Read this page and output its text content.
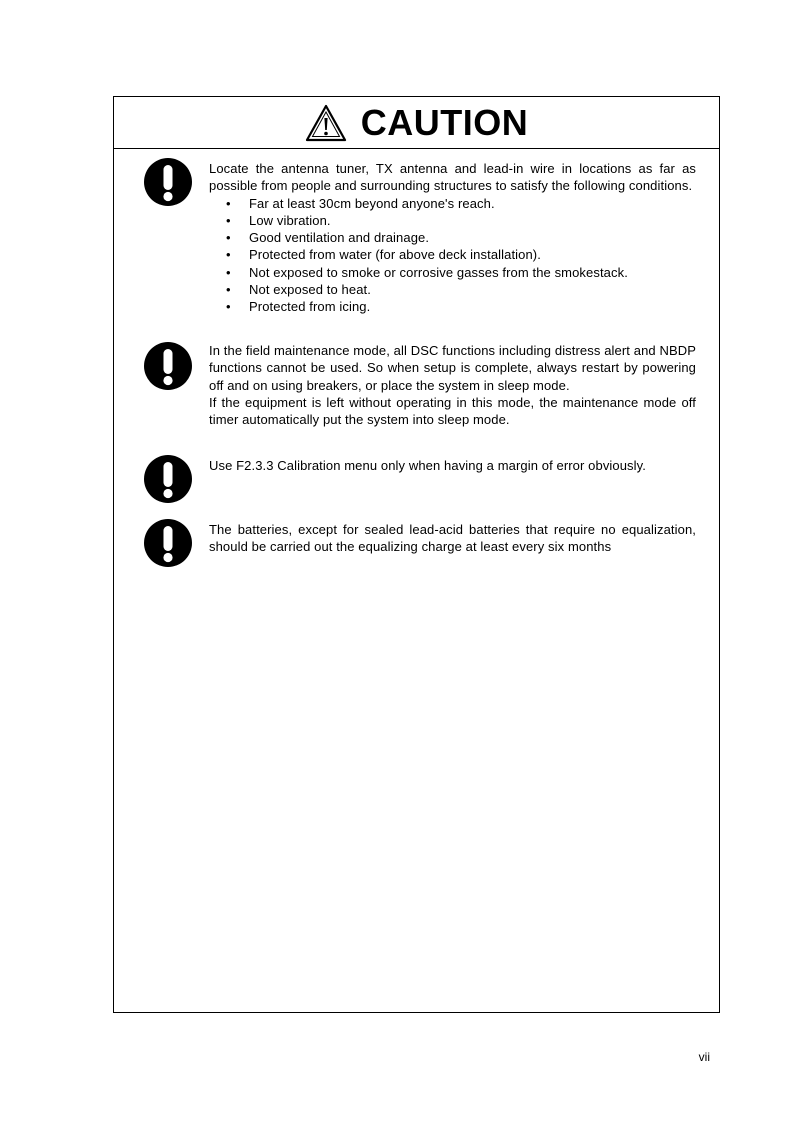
CAUTION

Locate the antenna tuner, TX antenna and lead-in wire in locations as far as possible from people and surrounding structures to satisfy the following conditions.

• Far at least 30cm beyond anyone's reach.
• Low vibration.
• Good ventilation and drainage.
• Protected from water (for above deck installation).
• Not exposed to smoke or corrosive gasses from the smokestack.
• Not exposed to heat.
• Protected from icing.

In the field maintenance mode, all DSC functions including distress alert and NBDP functions cannot be used. So when setup is complete, always restart by powering off and on using breakers, or place the system in sleep mode.

If the equipment is left without operating in this mode, the maintenance mode off timer automatically put the system into sleep mode.

Use F2.3.3 Calibration menu only when having a margin of error obviously.

The batteries, except for sealed lead-acid batteries that require no equalization, should be carried out the equalizing charge at least every six months

vii
